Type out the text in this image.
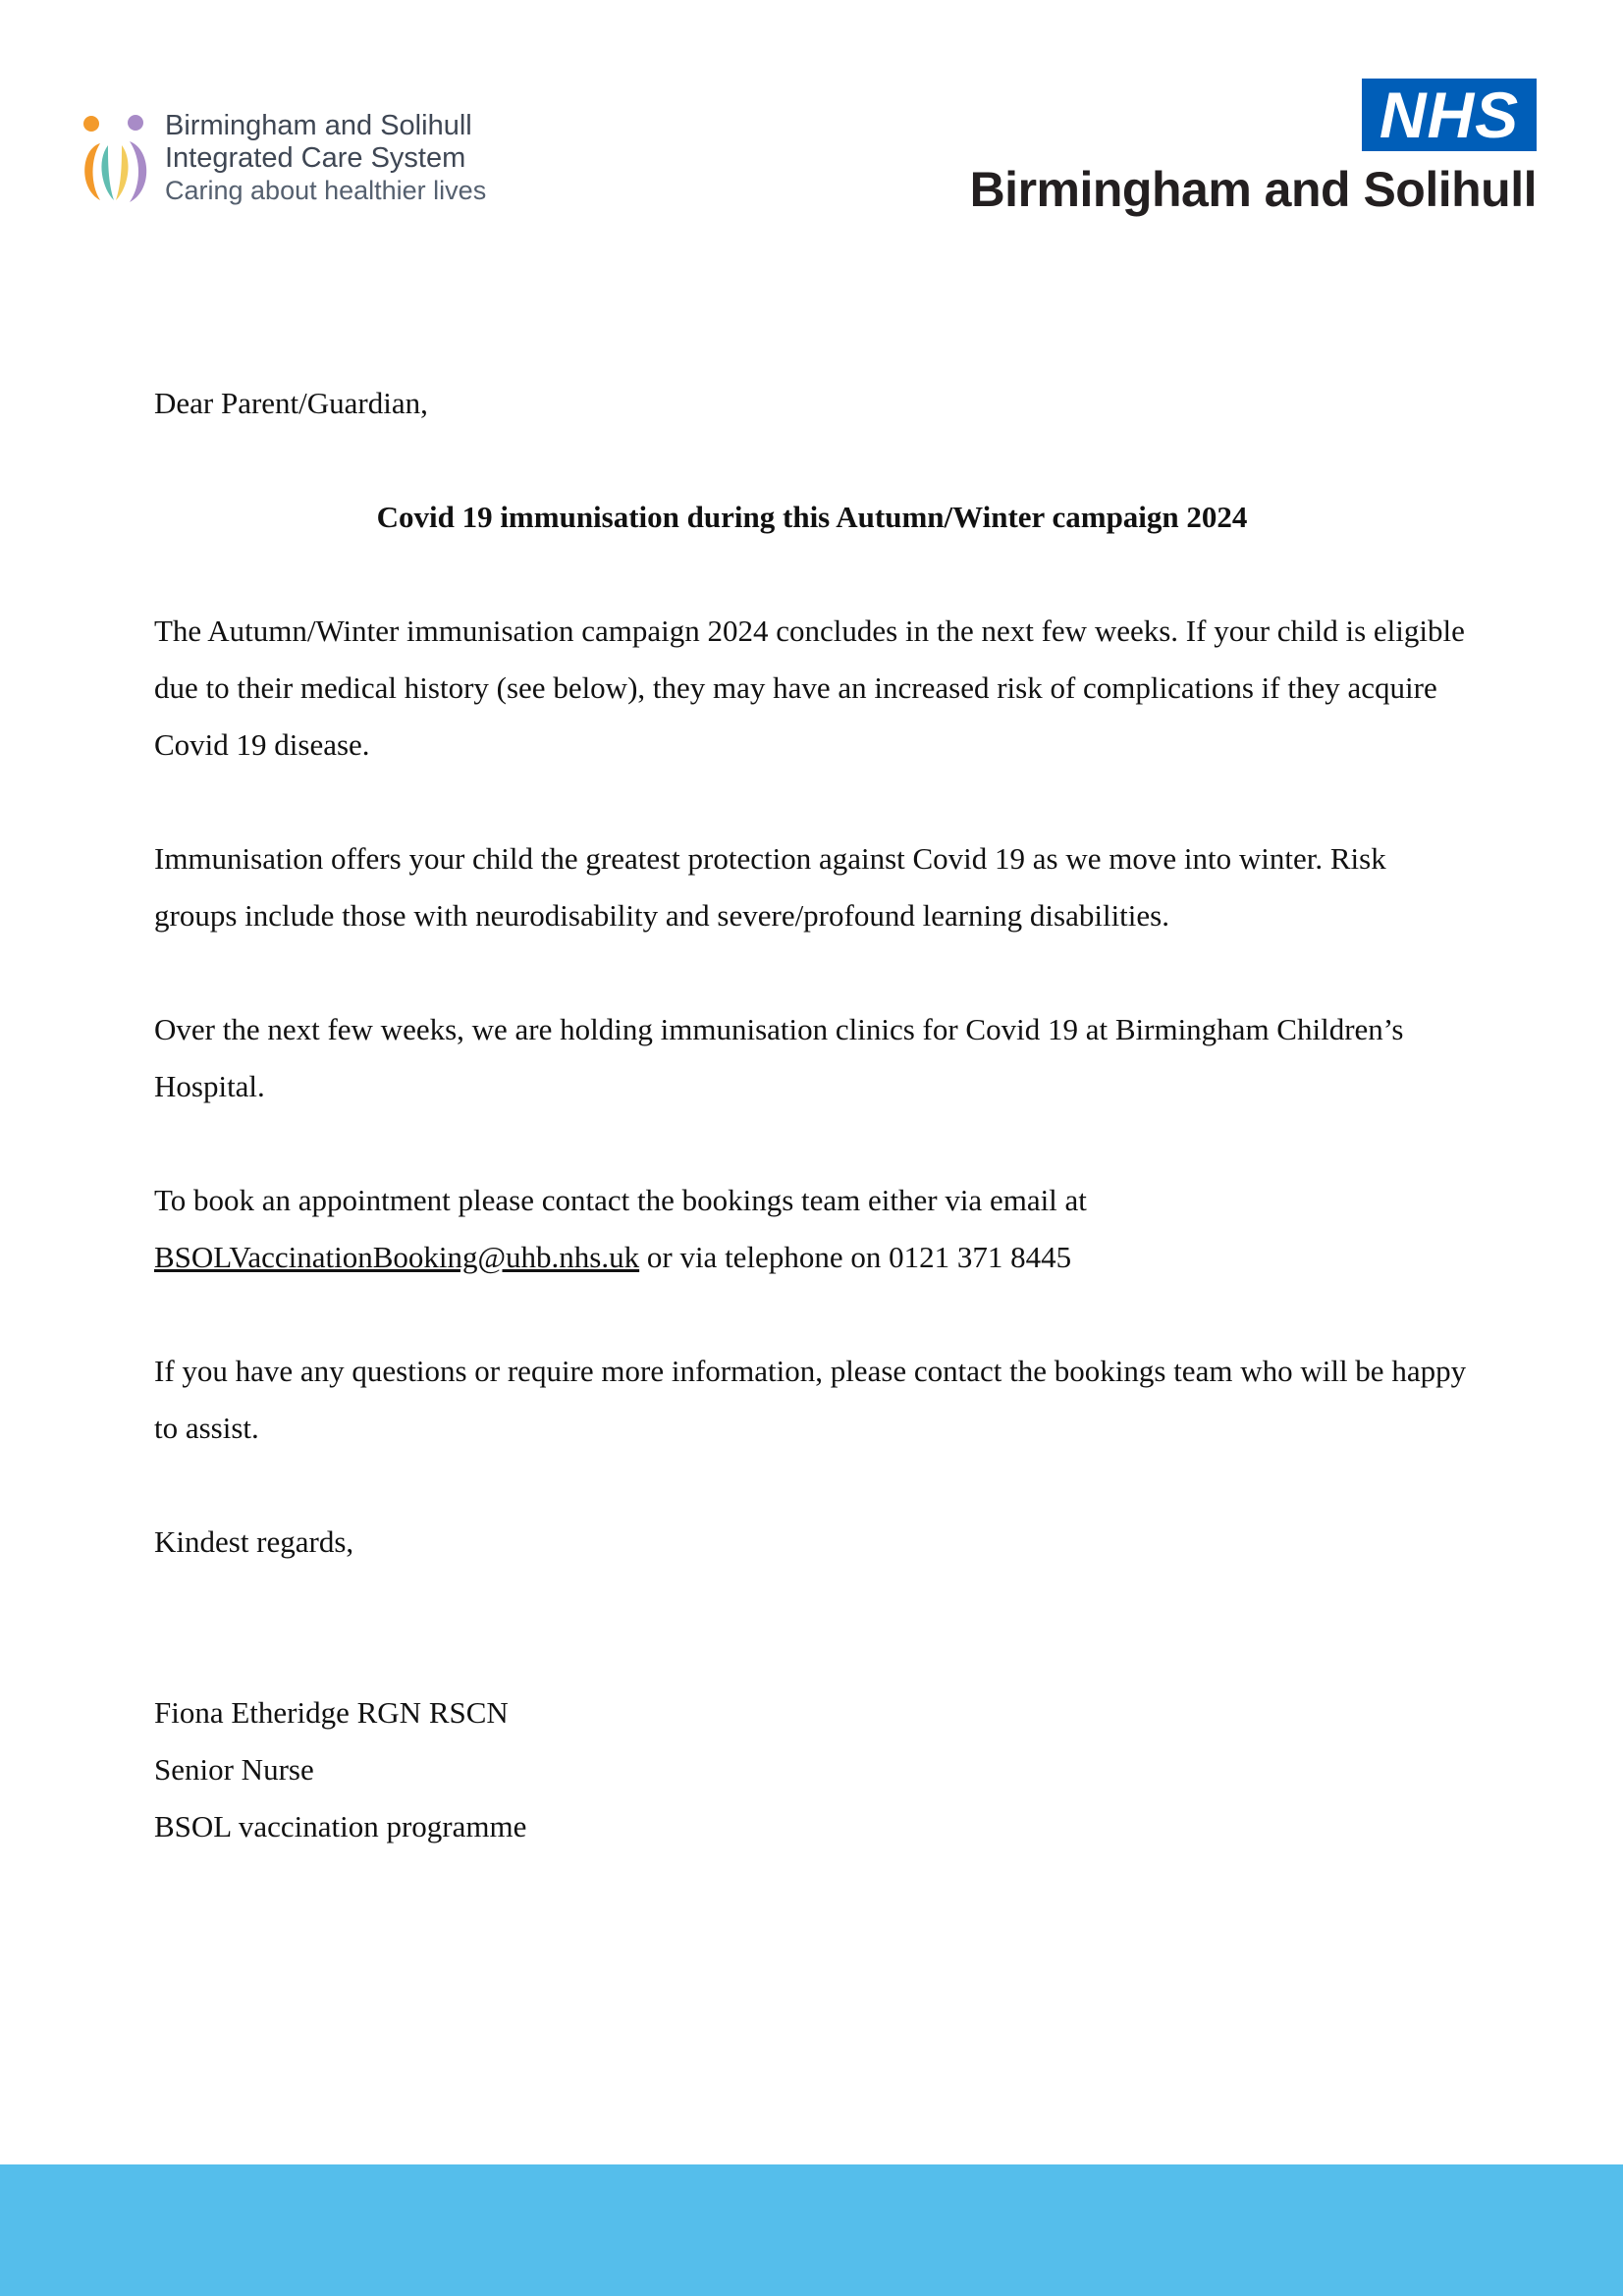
Birmingham and Solihull
Integrated Care System
Caring about healthier lives
NHS
Birmingham and Solihull

Dear Parent/Guardian,

Covid 19 immunisation during this Autumn/Winter campaign 2024

The Autumn/Winter immunisation campaign 2024 concludes in the next few weeks. If your child is eligible due to their medical history (see below), they may have an increased risk of complications if they acquire Covid 19 disease.

Immunisation offers your child the greatest protection against Covid 19 as we move into winter. Risk groups include those with neurodisability and severe/profound learning disabilities.

Over the next few weeks, we are holding immunisation clinics for Covid 19 at Birmingham Children’s Hospital.

To book an appointment please contact the bookings team either via email at BSOLVaccinationBooking@uhb.nhs.uk or via telephone on 0121 371 8445

If you have any questions or require more information, please contact the bookings team who will be happy to assist.

Kindest regards,

Fiona Etheridge RGN RSCN
Senior Nurse
BSOL vaccination programme
